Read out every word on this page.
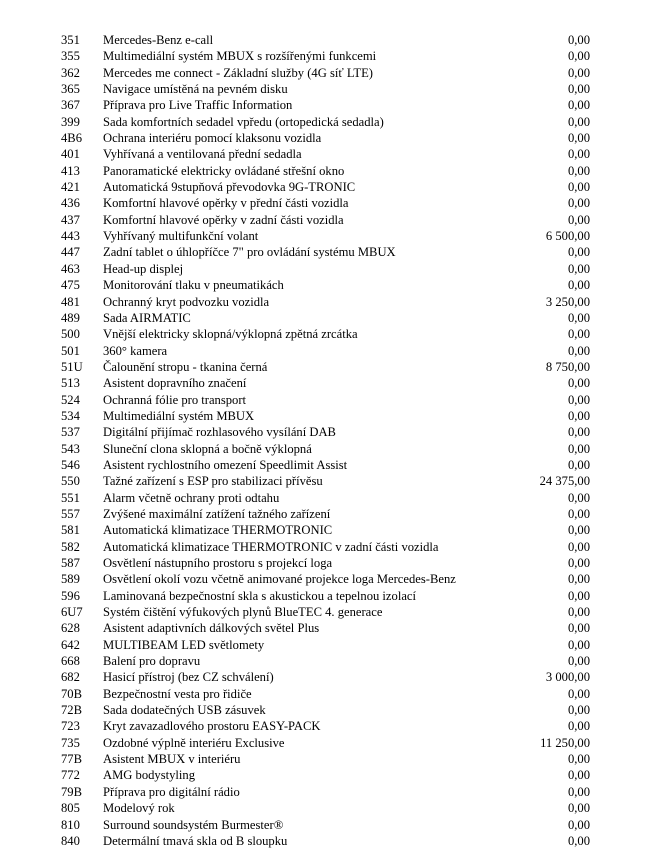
351 Mercedes-Benz e-call	0,00
355 Multimediální systém MBUX s rozšířenými funkcemi	0,00
362 Mercedes me connect - Základní služby (4G síť LTE)	0,00
365 Navigace umístěná na pevném disku	0,00
367 Příprava pro Live Traffic Information	0,00
399 Sada komfortních sedadel vpředu (ortopedická sedadla)	0,00
4B6 Ochrana interiéru pomocí klaksonu vozidla	0,00
401 Vyhřívaná a ventilovaná přední sedadla	0,00
413 Panoramatické elektricky ovládané střešní okno	0,00
421 Automatická 9stupňová převodovka 9G-TRONIC	0,00
436 Komfortní hlavové opěrky v přední části vozidla	0,00
437 Komfortní hlavové opěrky v zadní části vozidla	0,00
443 Vyhřívaný multifunkční volant	6 500,00
447 Zadní tablet o úhlopříčce 7" pro ovládání systému MBUX	0,00
463 Head-up displej	0,00
475 Monitorování tlaku v pneumatikách	0,00
481 Ochranný kryt podvozku vozidla	3 250,00
489 Sada AIRMATIC	0,00
500 Vnější elektricky sklopná/výklopná zpětná zrcátka	0,00
501 360° kamera	0,00
51U Čalounění stropu - tkanina černá	8 750,00
513 Asistent dopravního značení	0,00
524 Ochranná fólie pro transport	0,00
534 Multimediální systém MBUX	0,00
537 Digitální přijímač rozhlasového vysílání DAB	0,00
543 Sluneční clona sklopná a bočně výklopná	0,00
546 Asistent rychlostního omezení Speedlimit Assist	0,00
550 Tažné zařízení s ESP pro stabilizaci přívěsu	24 375,00
551 Alarm včetně ochrany proti odtahu	0,00
557 Zvýšené maximální zatížení tažného zařízení	0,00
581 Automatická klimatizace THERMOTRONIC	0,00
582 Automatická klimatizace THERMOTRONIC v zadní části vozidla	0,00
587 Osvětlení nástupního prostoru s projekcí loga	0,00
589 Osvětlení okolí vozu včetně animované projekce loga Mercedes-Benz	0,00
596 Laminovaná bezpečnostní skla s akustickou a tepelnou izolací	0,00
6U7 Systém čištění výfukových plynů BlueTEC 4. generace	0,00
628 Asistent adaptivních dálkových světel Plus	0,00
642 MULTIBEAM LED světlomety	0,00
668 Balení pro dopravu	0,00
682 Hasicí přístroj (bez CZ schválení)	3 000,00
70B Bezpečnostní vesta pro řidiče	0,00
72B Sada dodatečných USB zásuvek	0,00
723 Kryt zavazadlového prostoru EASY-PACK	0,00
735 Ozdobné výplně interiéru Exclusive	11 250,00
77B Asistent MBUX v interiéru	0,00
772 AMG bodystyling	0,00
79B Příprava pro digitální rádio	0,00
805 Modelový rok	0,00
810 Surround soundsystém Burmester®	0,00
840 Determální tmavá skla od B sloupku	0,00
